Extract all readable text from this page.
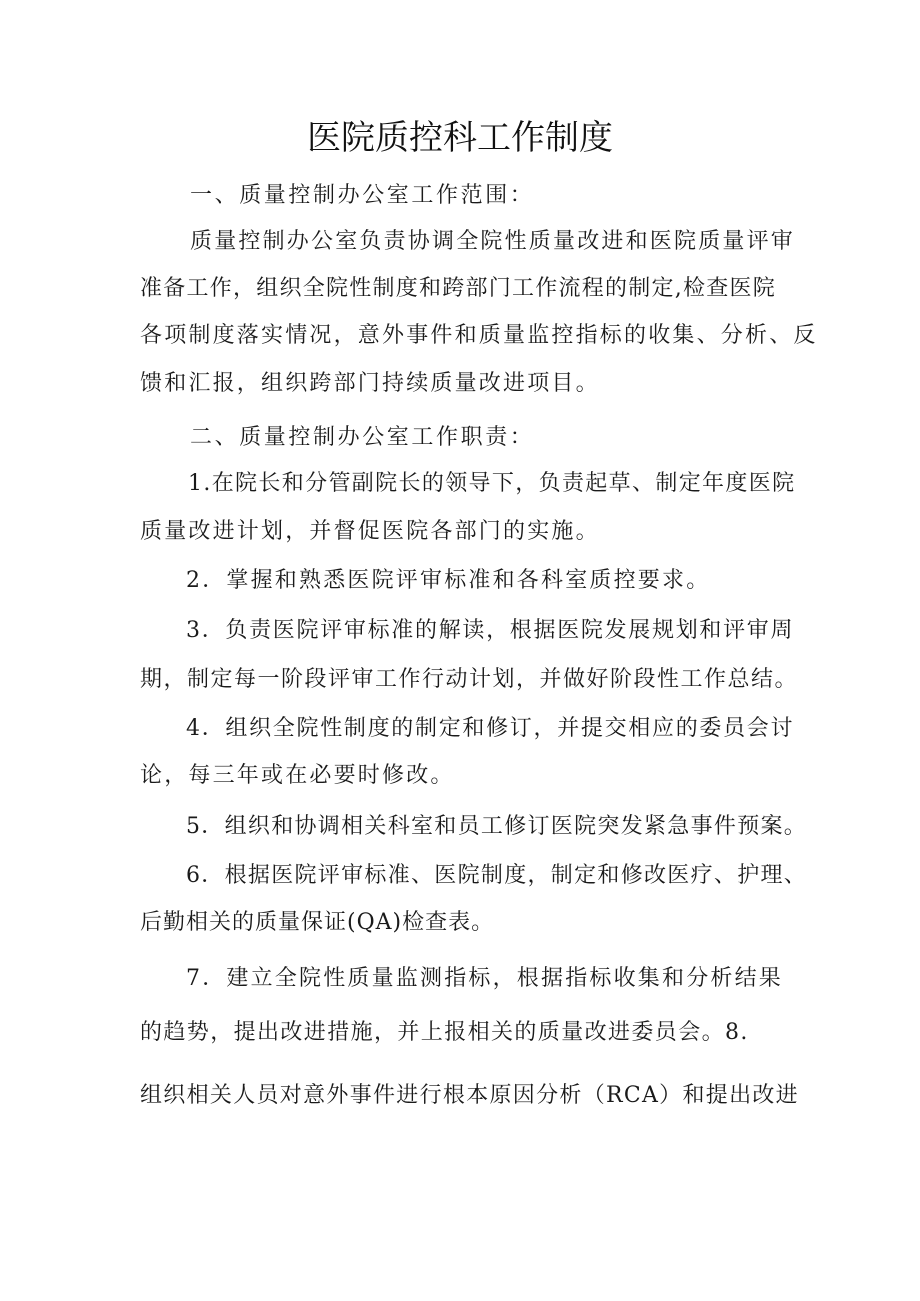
医院质控科工作制度

一、质量控制办公室工作范围：

质量控制办公室负责协调全院性质量改进和医院质量评审

准备工作，组织全院性制度和跨部门工作流程的制定,检查医院

各项制度落实情况，意外事件和质量监控指标的收集、分析、反

馈和汇报，组织跨部门持续质量改进项目。

二、质量控制办公室工作职责：

1.在院长和分管副院长的领导下，负责起草、制定年度医院

质量改进计划，并督促医院各部门的实施。

2．掌握和熟悉医院评审标准和各科室质控要求。

3．负责医院评审标准的解读，根据医院发展规划和评审周

期，制定每一阶段评审工作行动计划，并做好阶段性工作总结。

4．组织全院性制度的制定和修订，并提交相应的委员会讨

论，每三年或在必要时修改。

5．组织和协调相关科室和员工修订医院突发紧急事件预案。

6．根据医院评审标准、医院制度，制定和修改医疗、护理、

后勤相关的质量保证(QA)检查表。

7．建立全院性质量监测指标，根据指标收集和分析结果

的趋势，提出改进措施，并上报相关的质量改进委员会。8.

组织相关人员对意外事件进行根本原因分析（RCA）和提出改进
